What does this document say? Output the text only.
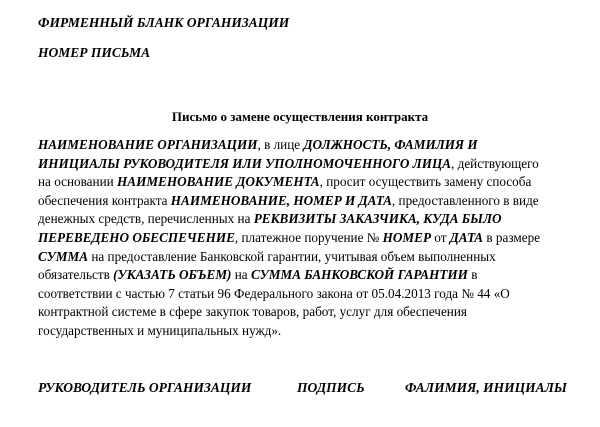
ФИРМЕННЫЙ БЛАНК ОРГАНИЗАЦИИ
НОМЕР ПИСЬМА
Письмо о замене осуществления контракта
НАИМЕНОВАНИЕ ОРГАНИЗАЦИИ, в лице ДОЛЖНОСТЬ, ФАМИЛИЯ И
ИНИЦИАЛЫ РУКОВОДИТЕЛЯ ИЛИ УПОЛНОМОЧЕННОГО ЛИЦА, действующего
на основании НАИМЕНОВАНИЕ ДОКУМЕНТА, просит осуществить замену способа
обеспечения контракта НАИМЕНОВАНИЕ, НОМЕР И ДАТА, предоставленного в виде
денежных средств, перечисленных на РЕКВИЗИТЫ ЗАКАЗЧИКА, КУДА БЫЛО
ПЕРЕВЕДЕНО ОБЕСПЕЧЕНИЕ, платежное поручение № НОМЕР от ДАТА в размере
СУММА на предоставление Банковской гарантии, учитывая объем выполненных
обязательств (УКАЗАТЬ ОБЪЕМ) на СУММА БАНКОВСКОЙ ГАРАНТИИ в
соответствии с частью 7 статьи 96 Федерального закона от 05.04.2013 года № 44 «О
контрактной системе в сфере закупок товаров, работ, услуг для обеспечения
государственных и муниципальных нужд».
РУКОВОДИТЕЛЬ ОРГАНИЗАЦИИ	ПОДПИСЬ	ФАЛИМИЯ, ИНИЦИАЛЫ
